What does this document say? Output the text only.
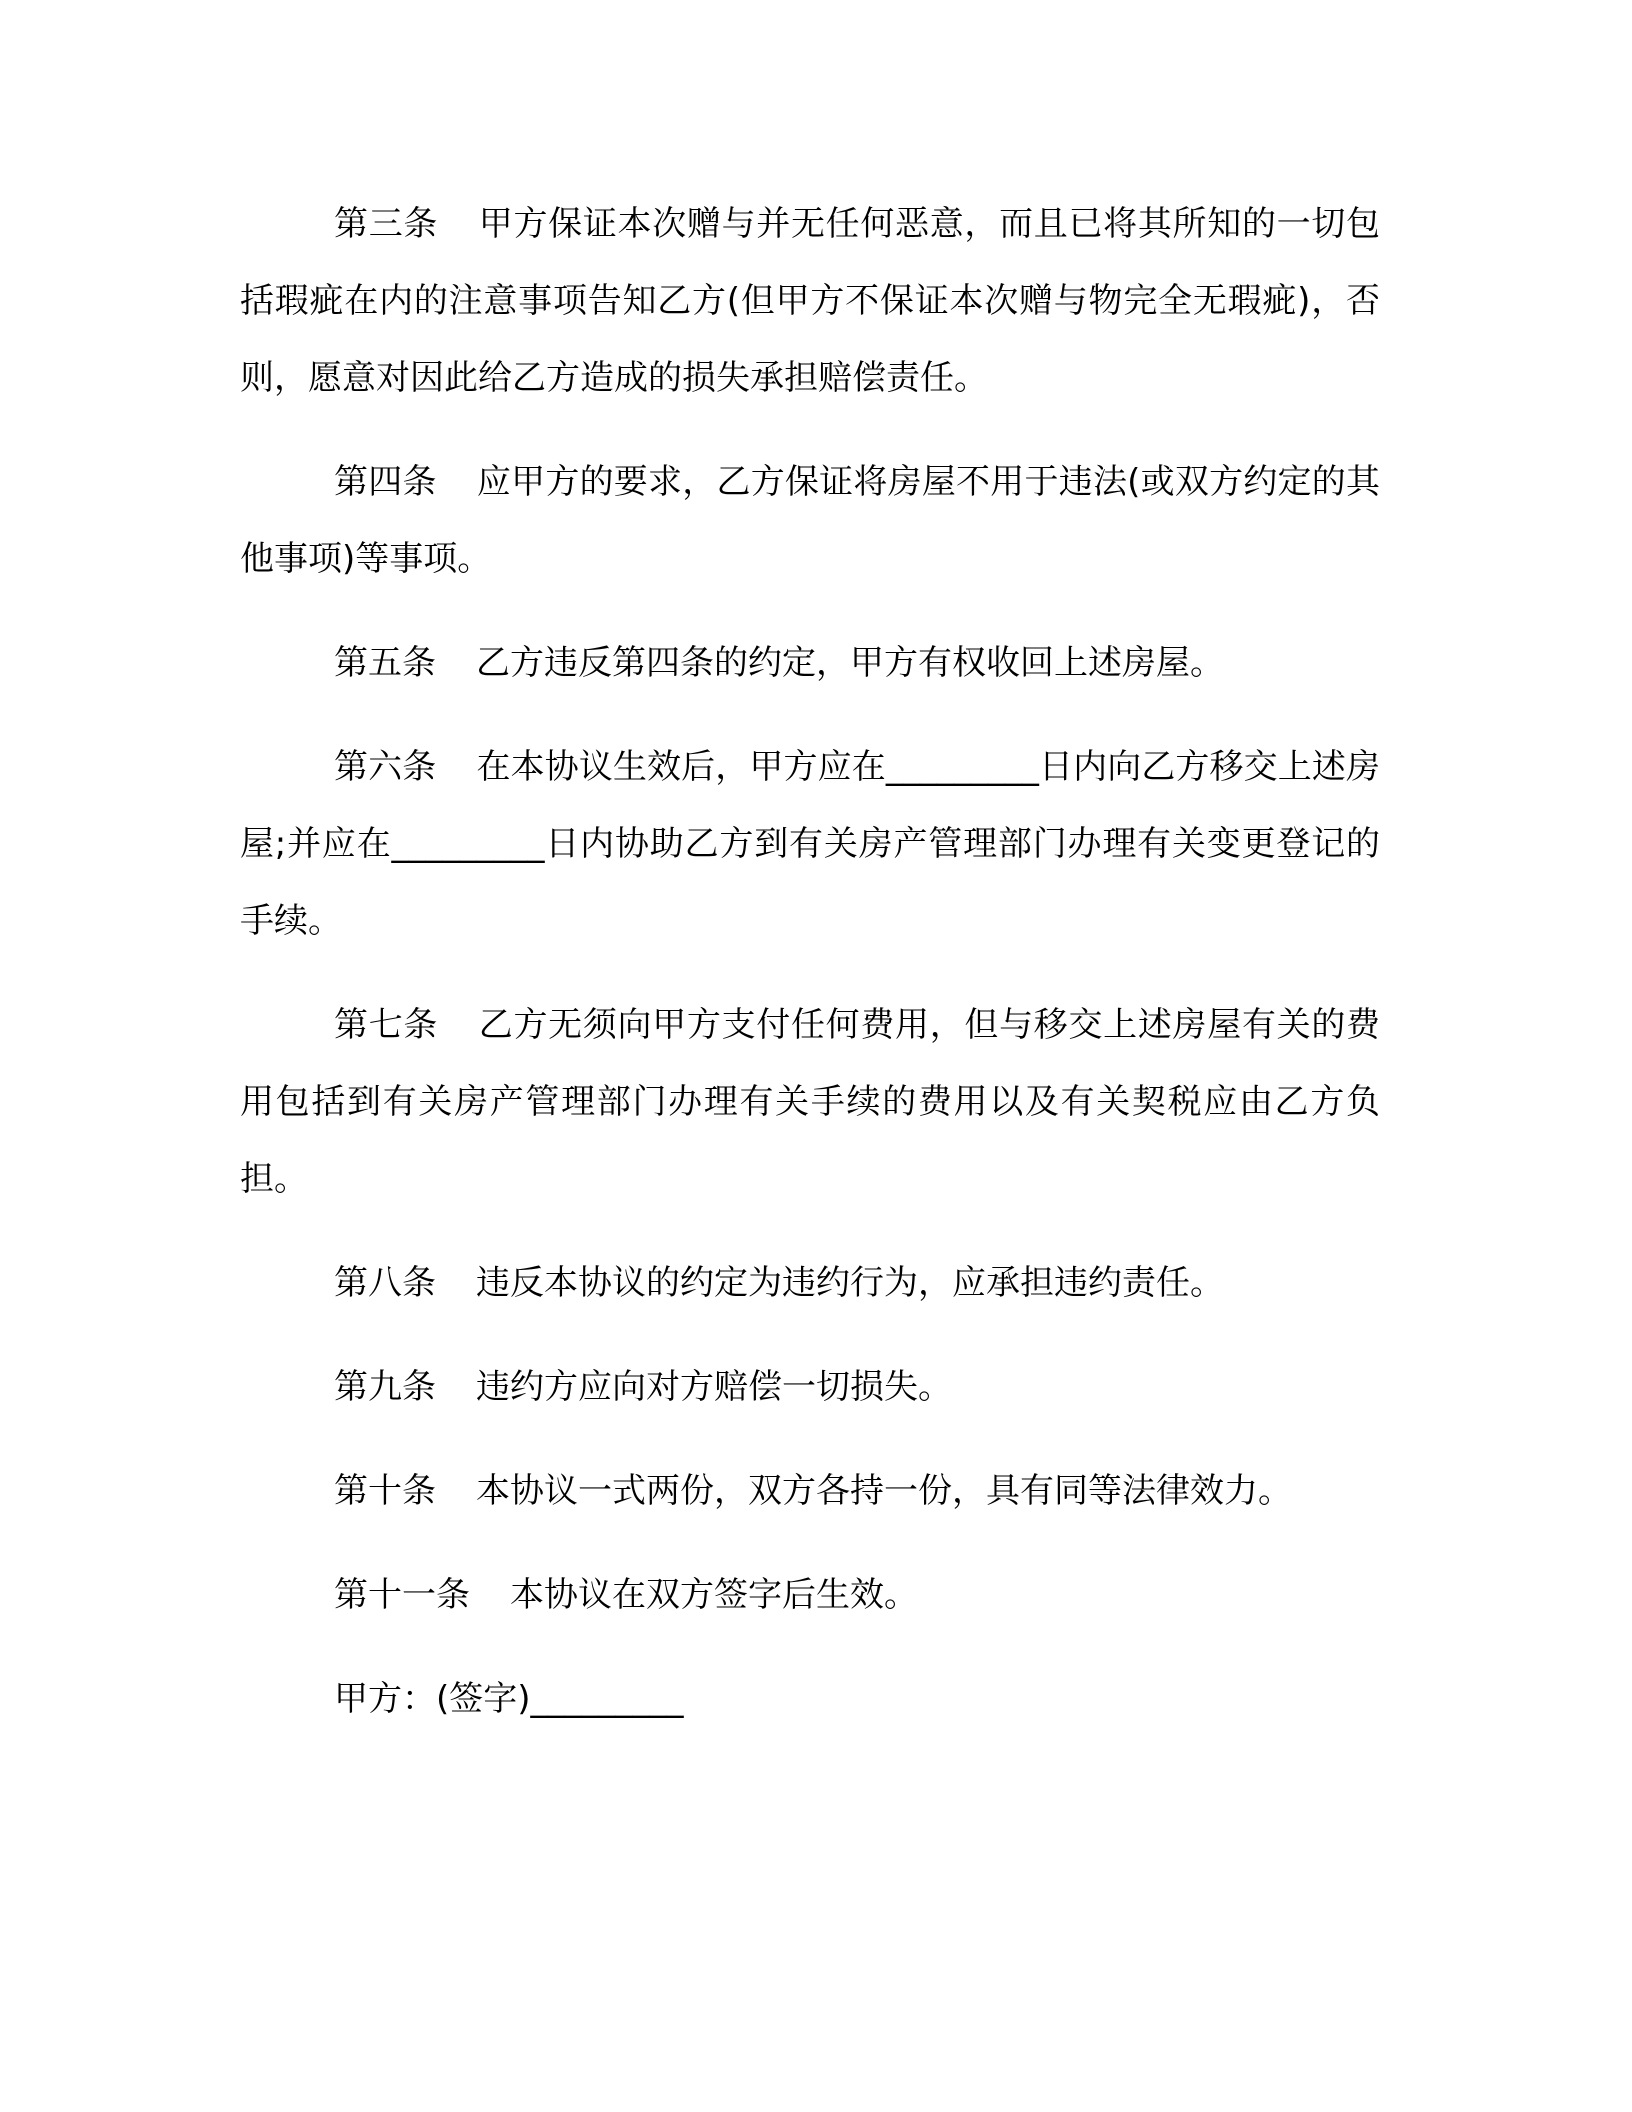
第三条 甲方保证本次赠与并无任何恶意，而且已将其所知的一切包括瑕疵在内的注意事项告知乙方(但甲方不保证本次赠与物完全无瑕疵)，否则，愿意对因此给乙方造成的损失承担赔偿责任。

第四条 应甲方的要求，乙方保证将房屋不用于违法(或双方约定的其他事项)等事项。

第五条 乙方违反第四条的约定，甲方有权收回上述房屋。

第六条 在本协议生效后，甲方应在_________日内向乙方移交上述房屋;并应在_________日内协助乙方到有关房产管理部门办理有关变更登记的手续。

第七条 乙方无须向甲方支付任何费用，但与移交上述房屋有关的费用包括到有关房产管理部门办理有关手续的费用以及有关契税应由乙方负担。

第八条 违反本协议的约定为违约行为，应承担违约责任。

第九条 违约方应向对方赔偿一切损失。

第十条 本协议一式两份，双方各持一份，具有同等法律效力。

第十一条 本协议在双方签字后生效。

甲方：(签字)_________
